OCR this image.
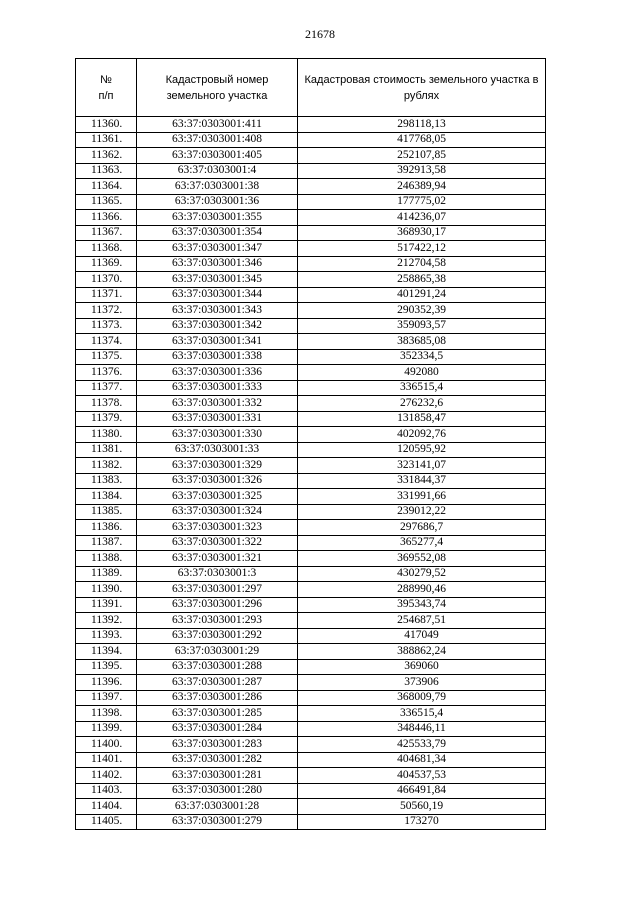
21678
№
п/п	Кадастровый номер земельного участка	Кадастровая стоимость земельного участка в рублях
11360.	63:37:0303001:411	298118,13
11361.	63:37:0303001:408	417768,05
11362.	63:37:0303001:405	252107,85
11363.	63:37:0303001:4	392913,58
11364.	63:37:0303001:38	246389,94
11365.	63:37:0303001:36	177775,02
11366.	63:37:0303001:355	414236,07
11367.	63:37:0303001:354	368930,17
11368.	63:37:0303001:347	517422,12
11369.	63:37:0303001:346	212704,58
11370.	63:37:0303001:345	258865,38
11371.	63:37:0303001:344	401291,24
11372.	63:37:0303001:343	290352,39
11373.	63:37:0303001:342	359093,57
11374.	63:37:0303001:341	383685,08
11375.	63:37:0303001:338	352334,5
11376.	63:37:0303001:336	492080
11377.	63:37:0303001:333	336515,4
11378.	63:37:0303001:332	276232,6
11379.	63:37:0303001:331	131858,47
11380.	63:37:0303001:330	402092,76
11381.	63:37:0303001:33	120595,92
11382.	63:37:0303001:329	323141,07
11383.	63:37:0303001:326	331844,37
11384.	63:37:0303001:325	331991,66
11385.	63:37:0303001:324	239012,22
11386.	63:37:0303001:323	297686,7
11387.	63:37:0303001:322	365277,4
11388.	63:37:0303001:321	369552,08
11389.	63:37:0303001:3	430279,52
11390.	63:37:0303001:297	288990,46
11391.	63:37:0303001:296	395343,74
11392.	63:37:0303001:293	254687,51
11393.	63:37:0303001:292	417049
11394.	63:37:0303001:29	388862,24
11395.	63:37:0303001:288	369060
11396.	63:37:0303001:287	373906
11397.	63:37:0303001:286	368009,79
11398.	63:37:0303001:285	336515,4
11399.	63:37:0303001:284	348446,11
11400.	63:37:0303001:283	425533,79
11401.	63:37:0303001:282	404681,34
11402.	63:37:0303001:281	404537,53
11403.	63:37:0303001:280	466491,84
11404.	63:37:0303001:28	50560,19
11405.	63:37:0303001:279	173270
